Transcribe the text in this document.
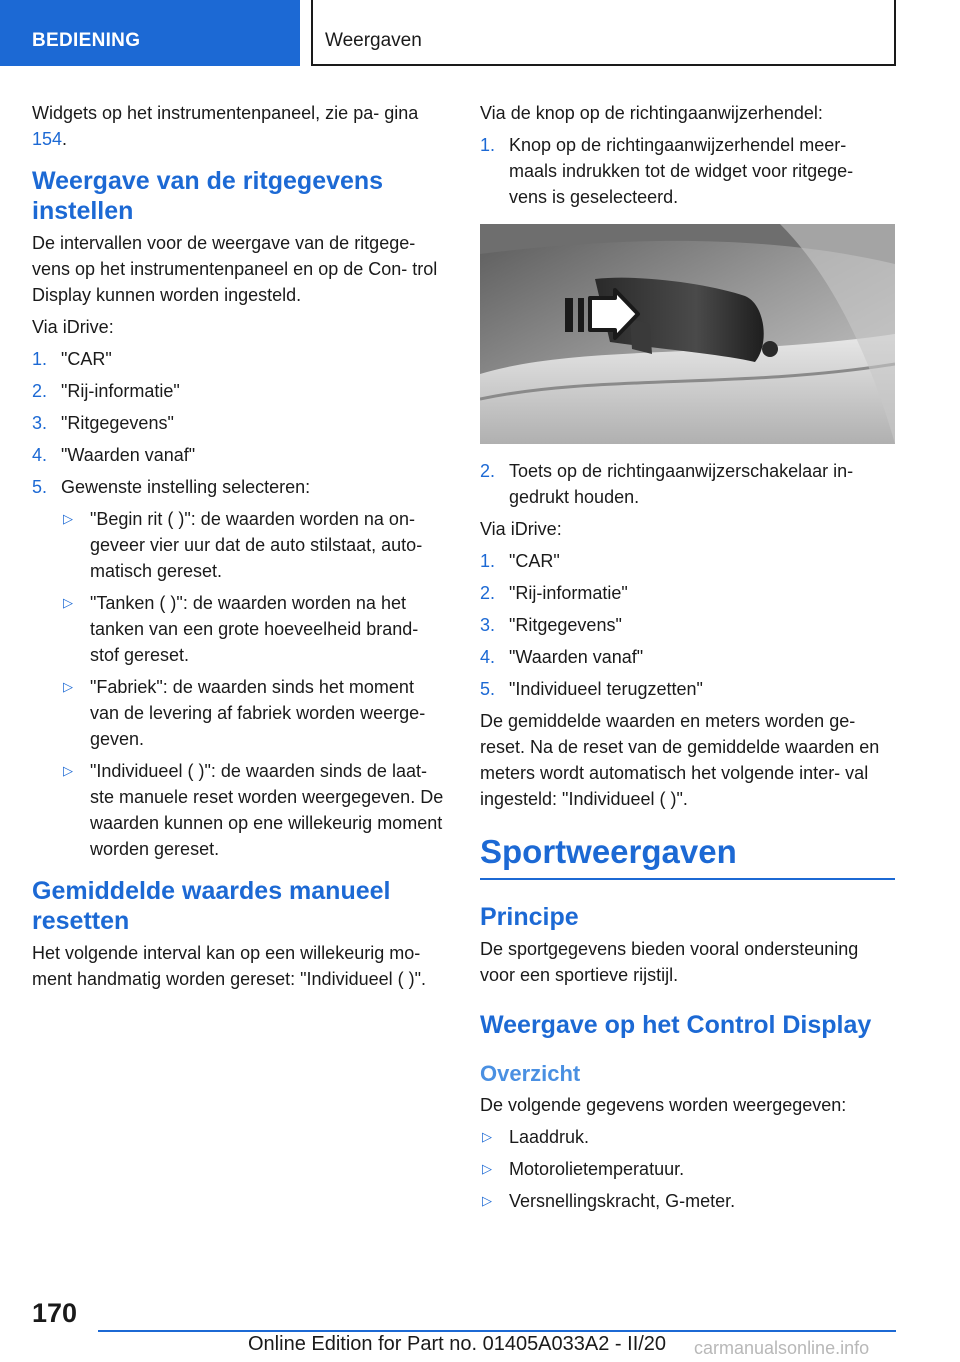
BEDIENING	Weergaven

Widgets op het instrumentenpaneel, zie pa- gina 154.

Weergave van de ritgegevens instellen

De intervallen voor de weergave van de ritgege- vens op het instrumentenpaneel en op de Con- trol Display kunnen worden ingesteld.

Via iDrive:

1. "CAR"
2. "Rij-informatie"
3. "Ritgegevens"
4. "Waarden vanaf"
5. Gewenste instelling selecteren:
▷ "Begin rit ( )": de waarden worden na on- geveer vier uur dat de auto stilstaat, auto- matisch gereset.
▷ "Tanken ( )": de waarden worden na het tanken van een grote hoeveelheid brand- stof gereset.
▷ "Fabriek": de waarden sinds het moment van de levering af fabriek worden weerge- geven.
▷ "Individueel ( )": de waarden sinds de laat- ste manuele reset worden weergegeven. De waarden kunnen op ene willekeurig moment worden gereset.
Gemiddelde waardes manueel resetten

Het volgende interval kan op een willekeurig mo- ment handmatig worden gereset: "Individueel ( )".

Via de knop op de richtingaanwijzerhendel:

1. Knop op de richtingaanwijzerhendel meer- maals indrukken tot de widget voor ritgege- vens is geselecteerd.
2. Toets op de richtingaanwijzerschakelaar in- gedrukt houden.

Via iDrive:

1. "CAR"
2. "Rij-informatie"
3. "Ritgegevens"
4. "Waarden vanaf"
5. "Individueel terugzetten"

De gemiddelde waarden en meters worden ge- reset. Na de reset van de gemiddelde waarden en meters wordt automatisch het volgende inter- val ingesteld: "Individueel ( )".

Sportweergaven
Principe

De sportgegevens bieden vooral ondersteuning voor een sportieve rijstijl.

Weergave op het Control Display
Overzicht

De volgende gegevens worden weergegeven:

▷ Laaddruk.
▷ Motorolietemperatuur.
▷ Versnellingskracht, G-meter.
170
Online Edition for Part no. 01405A033A2 - II/20 carmanualsonline.info
